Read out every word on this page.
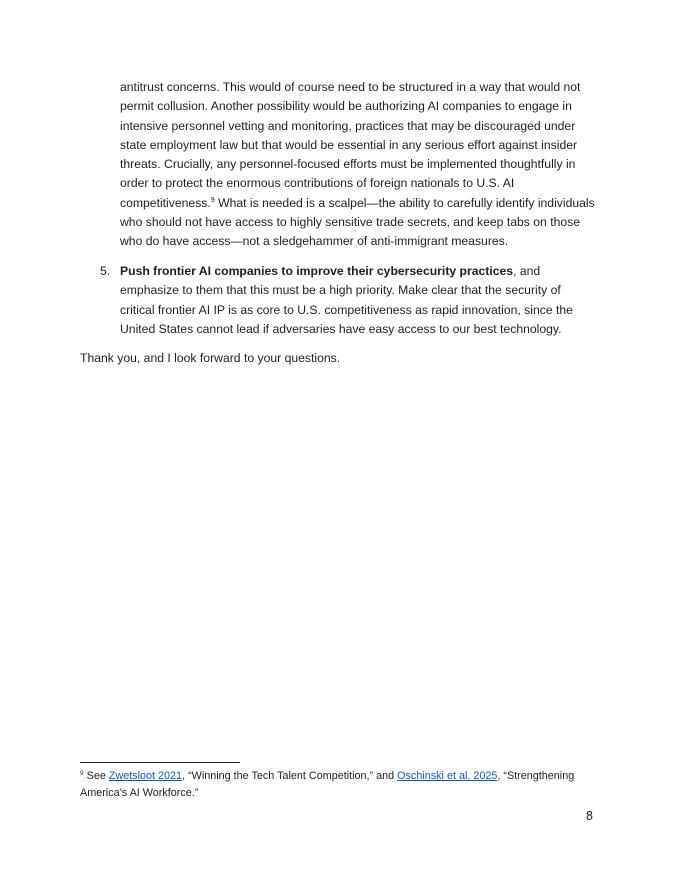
antitrust concerns. This would of course need to be structured in a way that would not permit collusion. Another possibility would be authorizing AI companies to engage in intensive personnel vetting and monitoring, practices that may be discouraged under state employment law but that would be essential in any serious effort against insider threats. Crucially, any personnel-focused efforts must be implemented thoughtfully in order to protect the enormous contributions of foreign nationals to U.S. AI competitiveness.$^9$ What is needed is a scalpel—the ability to carefully identify individuals who should not have access to highly sensitive trade secrets, and keep tabs on those who do have access—not a sledgehammer of anti-immigrant measures.

5. Push frontier AI companies to improve their cybersecurity practices, and emphasize to them that this must be a high priority. Make clear that the security of critical frontier AI IP is as core to U.S. competitiveness as rapid innovation, since the United States cannot lead if adversaries have easy access to our best technology.

Thank you, and I look forward to your questions.

$^9$ See Zwetsloot 2021, “Winning the Tech Talent Competition,” and Oschinski et al. 2025, “Strengthening America’s AI Workforce.”

8
